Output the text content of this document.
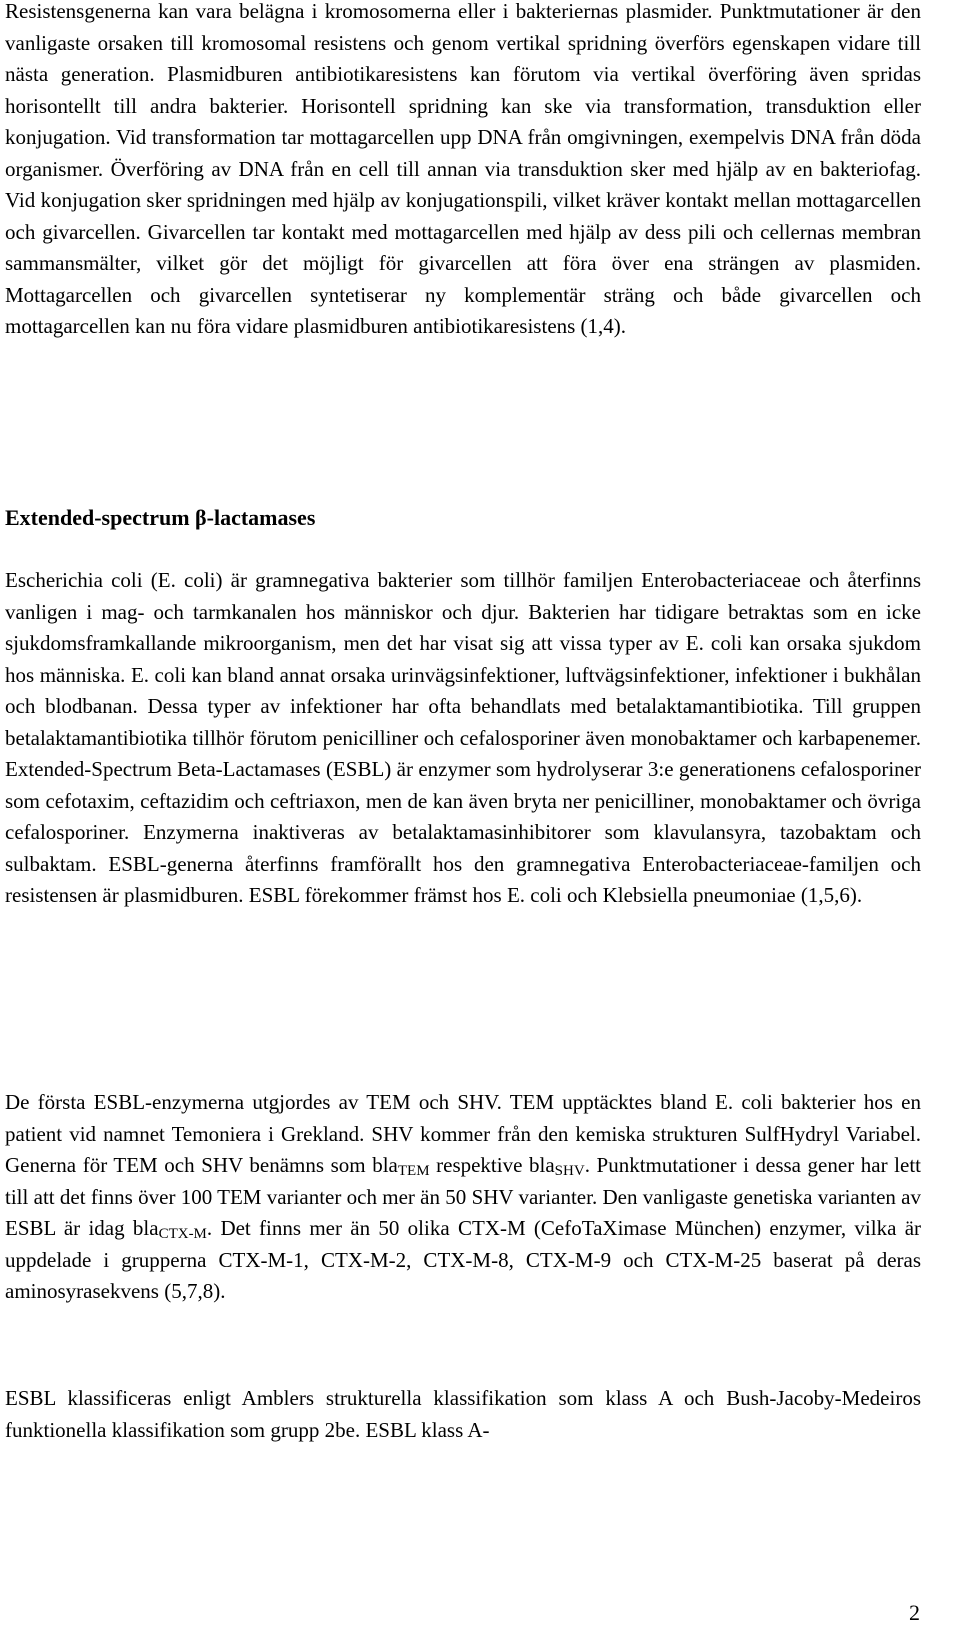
Resistensgenerna kan vara belägna i kromosomerna eller i bakteriernas plasmider. Punktmutationer är den vanligaste orsaken till kromosomal resistens och genom vertikal spridning överförs egenskapen vidare till nästa generation. Plasmidburen antibiotikaresistens kan förutom via vertikal överföring även spridas horisontellt till andra bakterier. Horisontell spridning kan ske via transformation, transduktion eller konjugation. Vid transformation tar mottagarcellen upp DNA från omgivningen, exempelvis DNA från döda organismer. Överföring av DNA från en cell till annan via transduktion sker med hjälp av en bakteriofag. Vid konjugation sker spridningen med hjälp av konjugationspili, vilket kräver kontakt mellan mottagarcellen och givarcellen. Givarcellen tar kontakt med mottagarcellen med hjälp av dess pili och cellernas membran sammansmälter, vilket gör det möjligt för givarcellen att föra över ena strängen av plasmiden. Mottagarcellen och givarcellen syntetiserar ny komplementär sträng och både givarcellen och mottagarcellen kan nu föra vidare plasmidburen antibiotikaresistens (1,4).

Extended-spectrum β-lactamases

Escherichia coli (E. coli) är gramnegativa bakterier som tillhör familjen Enterobacteriaceae och återfinns vanligen i mag- och tarmkanalen hos människor och djur. Bakterien har tidigare betraktas som en icke sjukdomsframkallande mikroorganism, men det har visat sig att vissa typer av E. coli kan orsaka sjukdom hos människa. E. coli kan bland annat orsaka urinvägsinfektioner, luftvägsinfektioner, infektioner i bukhålan och blodbanan. Dessa typer av infektioner har ofta behandlats med betalaktamantibiotika. Till gruppen betalaktamantibiotika tillhör förutom penicilliner och cefalosporiner även monobaktamer och karbapenemer. Extended-Spectrum Beta-Lactamases (ESBL) är enzymer som hydrolyserar 3:e generationens cefalosporiner som cefotaxim, ceftazidim och ceftriaxon, men de kan även bryta ner penicilliner, monobaktamer och övriga cefalosporiner. Enzymerna inaktiveras av betalaktamasinhibitorer som klavulansyra, tazobaktam och sulbaktam. ESBL-generna återfinns framförallt hos den gramnegativa Enterobacteriaceae-familjen och resistensen är plasmidburen. ESBL förekommer främst hos E. coli och Klebsiella pneumoniae (1,5,6).

De första ESBL-enzymerna utgjordes av TEM och SHV. TEM upptäcktes bland E. coli bakterier hos en patient vid namnet Temoniera i Grekland. SHV kommer från den kemiska strukturen SulfHydryl Variabel. Generna för TEM och SHV benämns som bla$_{TEM}$ respektive bla$_{SHV}$. Punktmutationer i dessa gener har lett till att det finns över 100 TEM varianter och mer än 50 SHV varianter. Den vanligaste genetiska varianten av ESBL är idag bla$_{CTX-M}$. Det finns mer än 50 olika CTX-M (CefoTaXimase München) enzymer, vilka är uppdelade i grupperna CTX-M-1, CTX-M-2, CTX-M-8, CTX-M-9 och CTX-M-25 baserat på deras aminosyrasekvens (5,7,8).

ESBL klassificeras enligt Amblers strukturella klassifikation som klass A och Bush-Jacoby-Medeiros funktionella klassifikation som grupp 2be. ESBL klass A-

2
